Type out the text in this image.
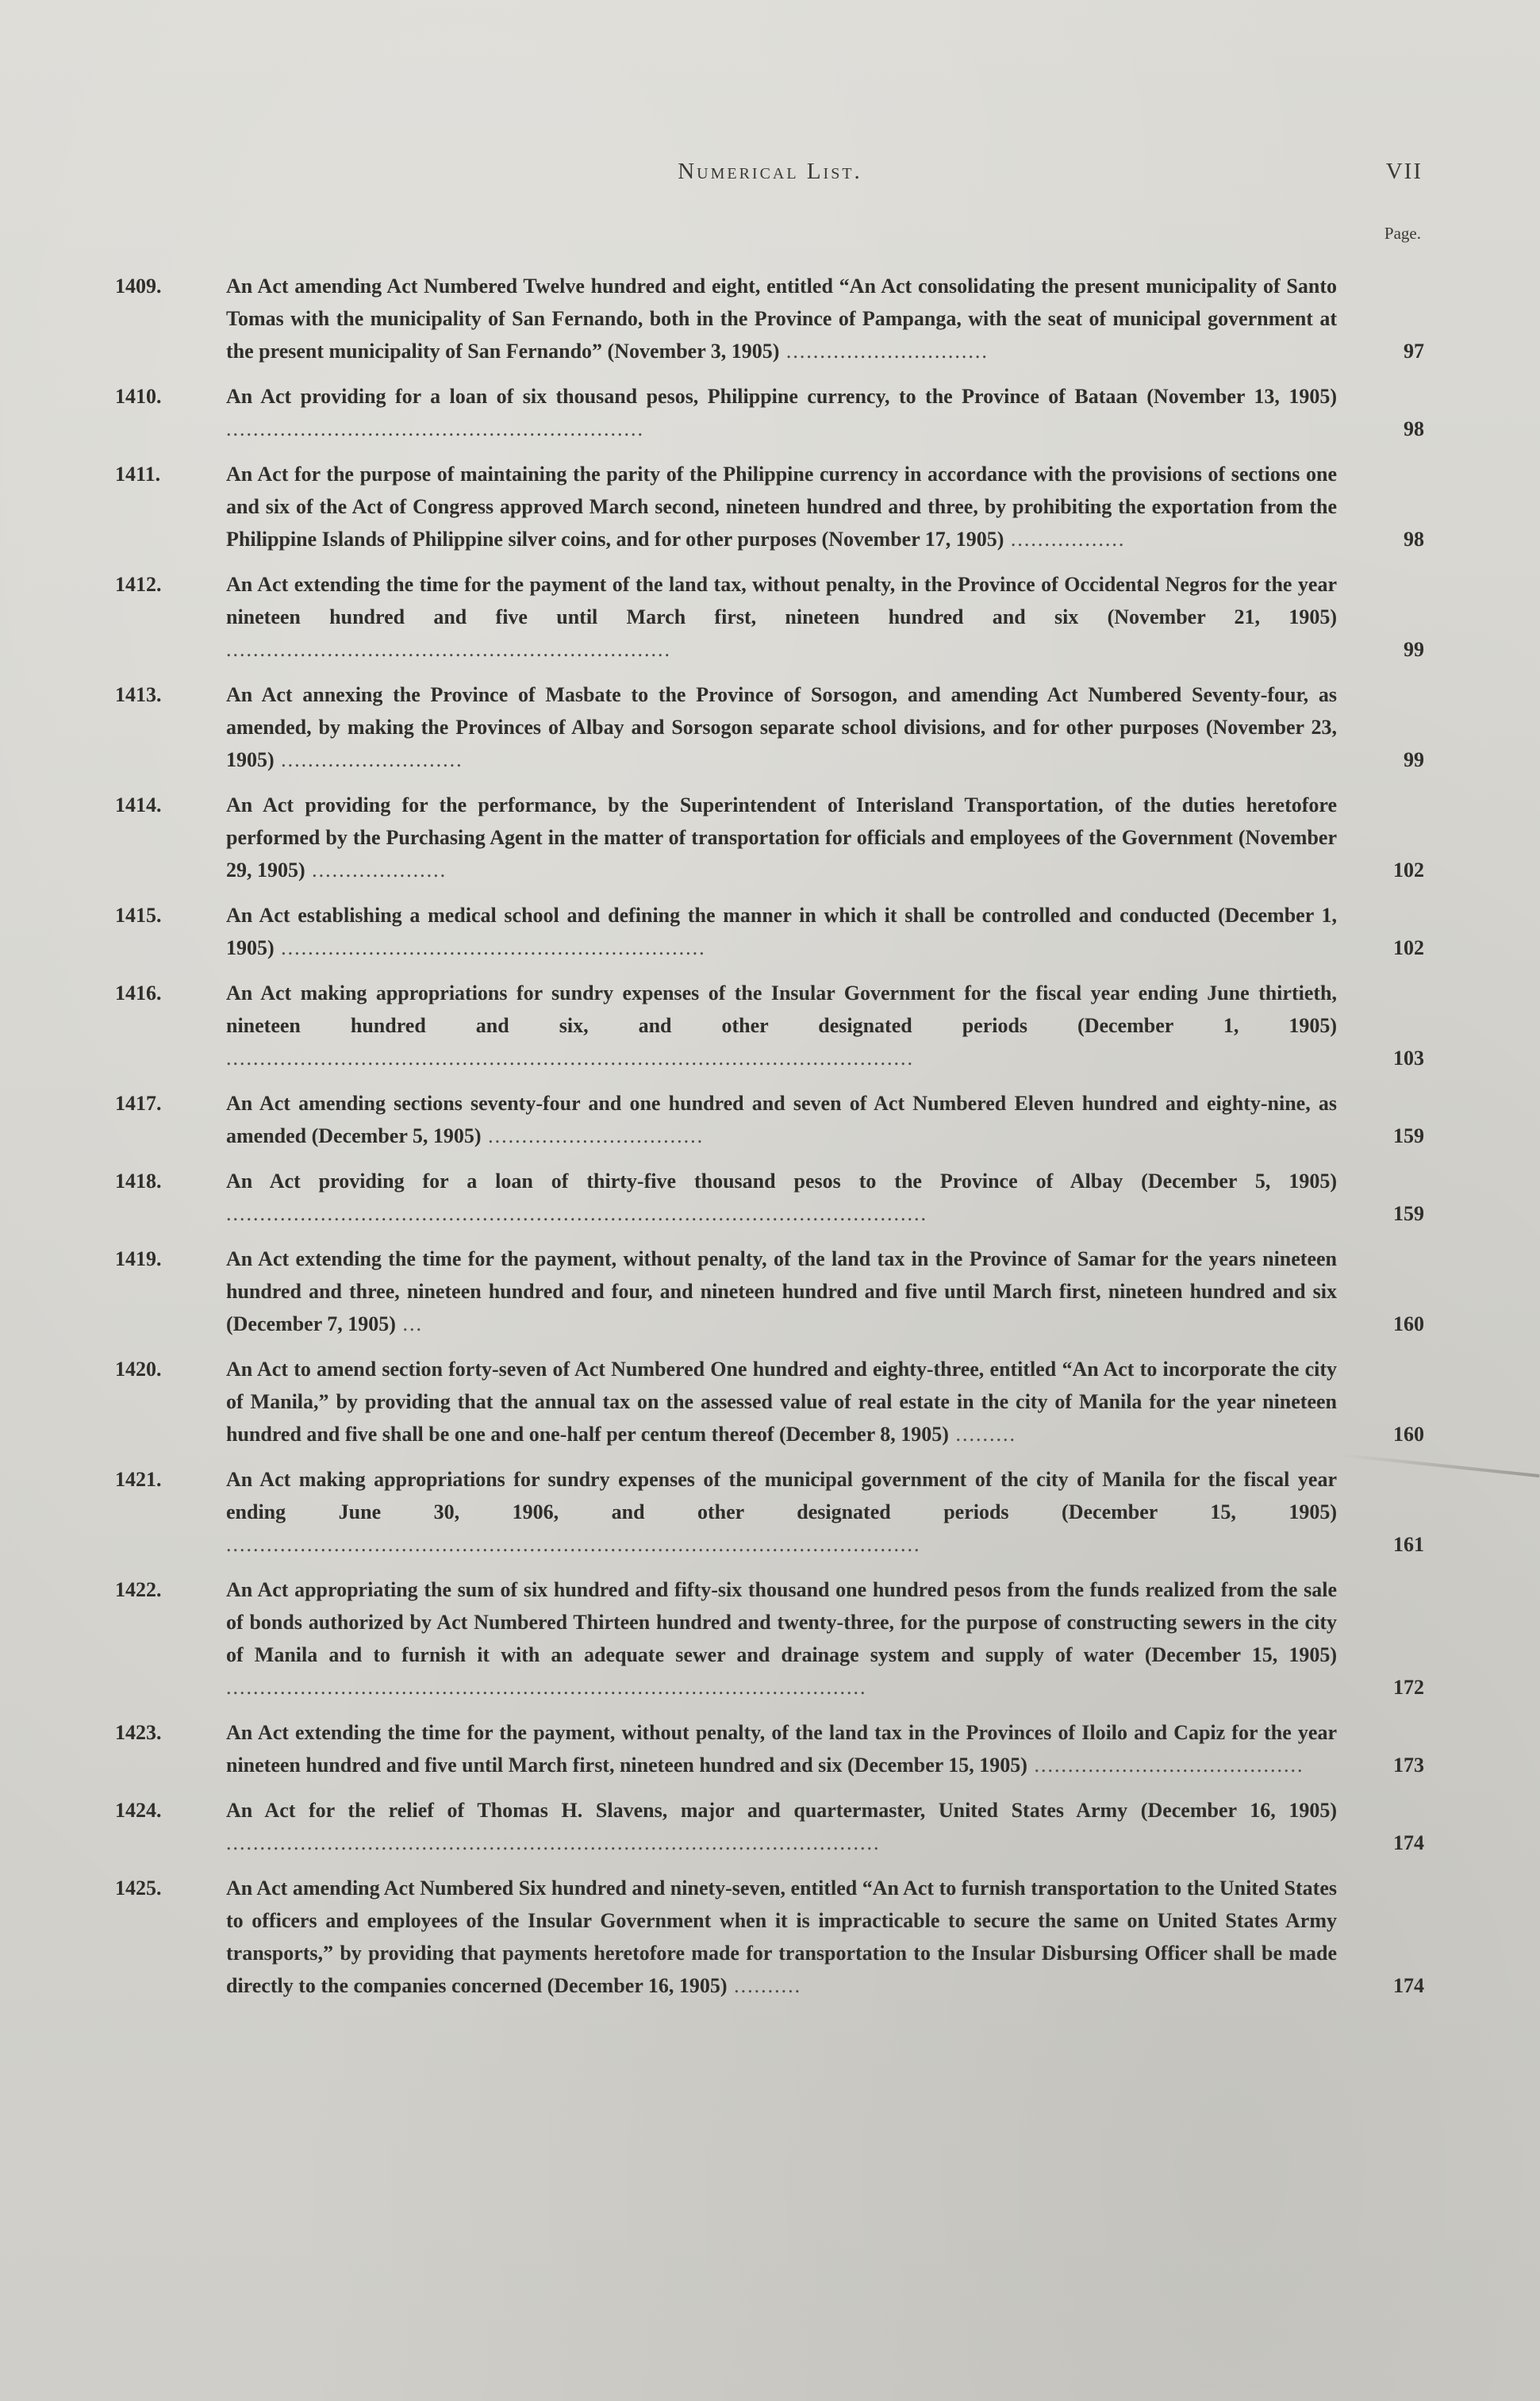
Numerical List.	VII
Page.
1409.	An Act amending Act Numbered Twelve hundred and eight, entitled “An Act consolidating the present municipality of Santo Tomas with the municipality of San Fernando, both in the Province of Pampanga, with the seat of municipal government at the present municipality of San Fernando” (November 3, 1905) ..............................	97
1410.	An Act providing for a loan of six thousand pesos, Philippine currency, to the Province of Bataan (November 13, 1905) ..............................................................	98
1411.	An Act for the purpose of maintaining the parity of the Philippine currency in accordance with the provisions of sections one and six of the Act of Congress approved March second, nineteen hundred and three, by prohibiting the exportation from the Philippine Islands of Philippine silver coins, and for other purposes (November 17, 1905) .................	98
1412.	An Act extending the time for the payment of the land tax, without penalty, in the Province of Occidental Negros for the year nineteen hundred and five until March first, nineteen hundred and six (November 21, 1905) ..................................................................	99
1413.	An Act annexing the Province of Masbate to the Province of Sorsogon, and amending Act Numbered Seventy-four, as amended, by making the Provinces of Albay and Sorsogon separate school divisions, and for other purposes (November 23, 1905) ...........................	99
1414.	An Act providing for the performance, by the Superintendent of Interisland Transportation, of the duties heretofore performed by the Purchasing Agent in the matter of transportation for officials and employees of the Government (November 29, 1905) ....................	102
1415.	An Act establishing a medical school and defining the manner in which it shall be controlled and conducted (December 1, 1905) ...............................................................	102
1416.	An Act making appropriations for sundry expenses of the Insular Government for the fiscal year ending June thirtieth, nineteen hundred and six, and other designated periods (December 1, 1905) ......................................................................................................	103
1417.	An Act amending sections seventy-four and one hundred and seven of Act Numbered Eleven hundred and eighty-nine, as amended (December 5, 1905) ................................	159
1418.	An Act providing for a loan of thirty-five thousand pesos to the Province of Albay (December 5, 1905) ........................................................................................................	159
1419.	An Act extending the time for the payment, without penalty, of the land tax in the Province of Samar for the years nineteen hundred and three, nineteen hundred and four, and nineteen hundred and five until March first, nineteen hundred and six (December 7, 1905) ...	160
1420.	An Act to amend section forty-seven of Act Numbered One hundred and eighty-three, entitled “An Act to incorporate the city of Manila,” by providing that the annual tax on the assessed value of real estate in the city of Manila for the year nineteen hundred and five shall be one and one-half per centum thereof (December 8, 1905) .........	160
1421.	An Act making appropriations for sundry expenses of the municipal government of the city of Manila for the fiscal year ending June 30, 1906, and other designated periods (December 15, 1905) .......................................................................................................	161
1422.	An Act appropriating the sum of six hundred and fifty-six thousand one hundred pesos from the funds realized from the sale of bonds authorized by Act Numbered Thirteen hundred and twenty-three, for the purpose of constructing sewers in the city of Manila and to furnish it with an adequate sewer and drainage system and supply of water (December 15, 1905) ...............................................................................................	172
1423.	An Act extending the time for the payment, without penalty, of the land tax in the Provinces of Iloilo and Capiz for the year nineteen hundred and five until March first, nineteen hundred and six (December 15, 1905) ........................................	173
1424.	An Act for the relief of Thomas H. Slavens, major and quartermaster, United States Army (December 16, 1905) .................................................................................................	174
1425.	An Act amending Act Numbered Six hundred and ninety-seven, entitled “An Act to furnish transportation to the United States to officers and employees of the Insular Government when it is impracticable to secure the same on United States Army transports,” by providing that payments heretofore made for transportation to the Insular Disbursing Officer shall be made directly to the companies concerned (December 16, 1905) ..........	174
